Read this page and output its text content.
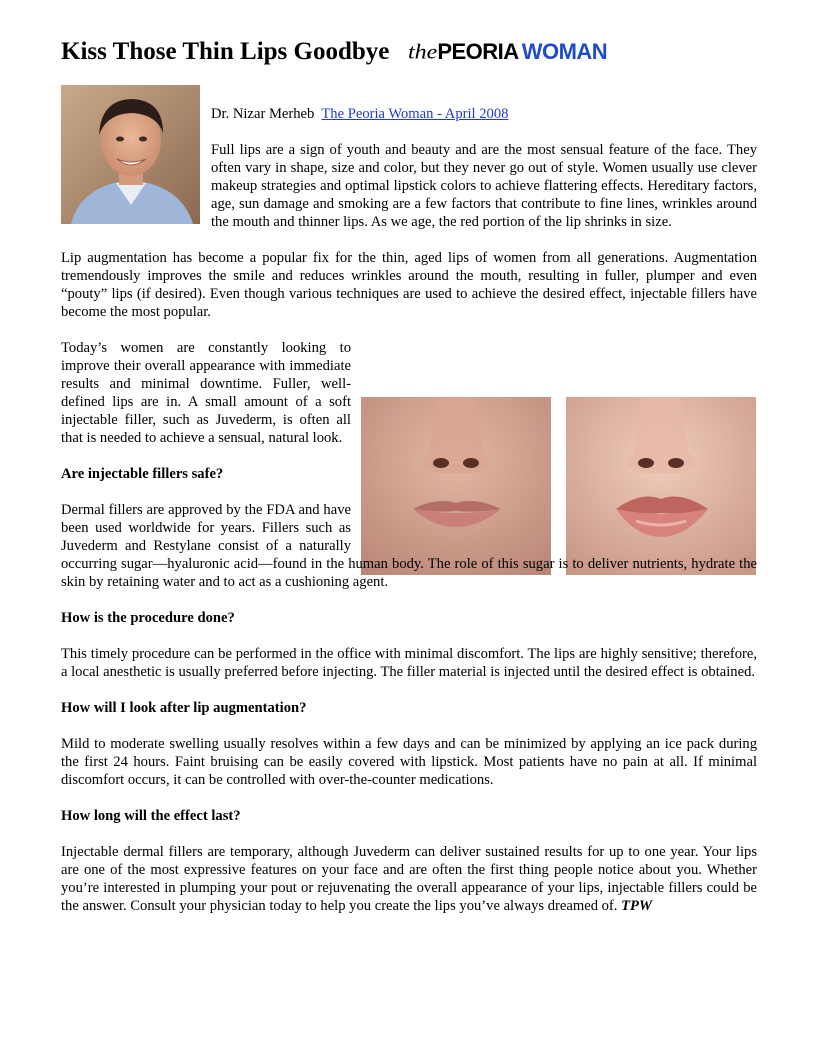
Kiss Those Thin Lips Goodbye thePEORIA WOMAN

Dr. Nizar Merheb The Peoria Woman - April 2008

Full lips are a sign of youth and beauty and are the most sensual feature of the face. They often vary in shape, size and color, but they never go out of style. Women usually use clever makeup strategies and optimal lipstick colors to achieve flattering effects. Hereditary factors, age, sun damage and smoking are a few factors that contribute to fine lines, wrinkles around the mouth and thinner lips. As we age, the red portion of the lip shrinks in size.

Lip augmentation has become a popular fix for the thin, aged lips of women from all generations. Augmentation tremendously improves the smile and reduces wrinkles around the mouth, resulting in fuller, plumper and even “pouty” lips (if desired). Even though various techniques are used to achieve the desired effect, injectable fillers have become the most popular.

Today’s women are constantly looking to improve their overall appearance with immediate results and minimal downtime. Fuller, well-defined lips are in. A small amount of a soft injectable filler, such as Juvederm, is often all that is needed to achieve a sensual, natural look.

Are injectable fillers safe?

Dermal fillers are approved by the FDA and have been used worldwide for years. Fillers such as Juvederm and Restylane consist of a naturally occurring sugar—hyaluronic acid—found in the human body. The role of this sugar is to deliver nutrients, hydrate the skin by retaining water and to act as a cushioning agent.

How is the procedure done?

This timely procedure can be performed in the office with minimal discomfort. The lips are highly sensitive; therefore, a local anesthetic is usually preferred before injecting. The filler material is injected until the desired effect is obtained.

How will I look after lip augmentation?

Mild to moderate swelling usually resolves within a few days and can be minimized by applying an ice pack during the first 24 hours. Faint bruising can be easily covered with lipstick. Most patients have no pain at all. If minimal discomfort occurs, it can be controlled with over-the-counter medications.

How long will the effect last?

Injectable dermal fillers are temporary, although Juvederm can deliver sustained results for up to one year. Your lips are one of the most expressive features on your face and are often the first thing people notice about you. Whether you’re interested in plumping your pout or rejuvenating the overall appearance of your lips, injectable fillers could be the answer. Consult your physician today to help you create the lips you’ve always dreamed of. TPW
